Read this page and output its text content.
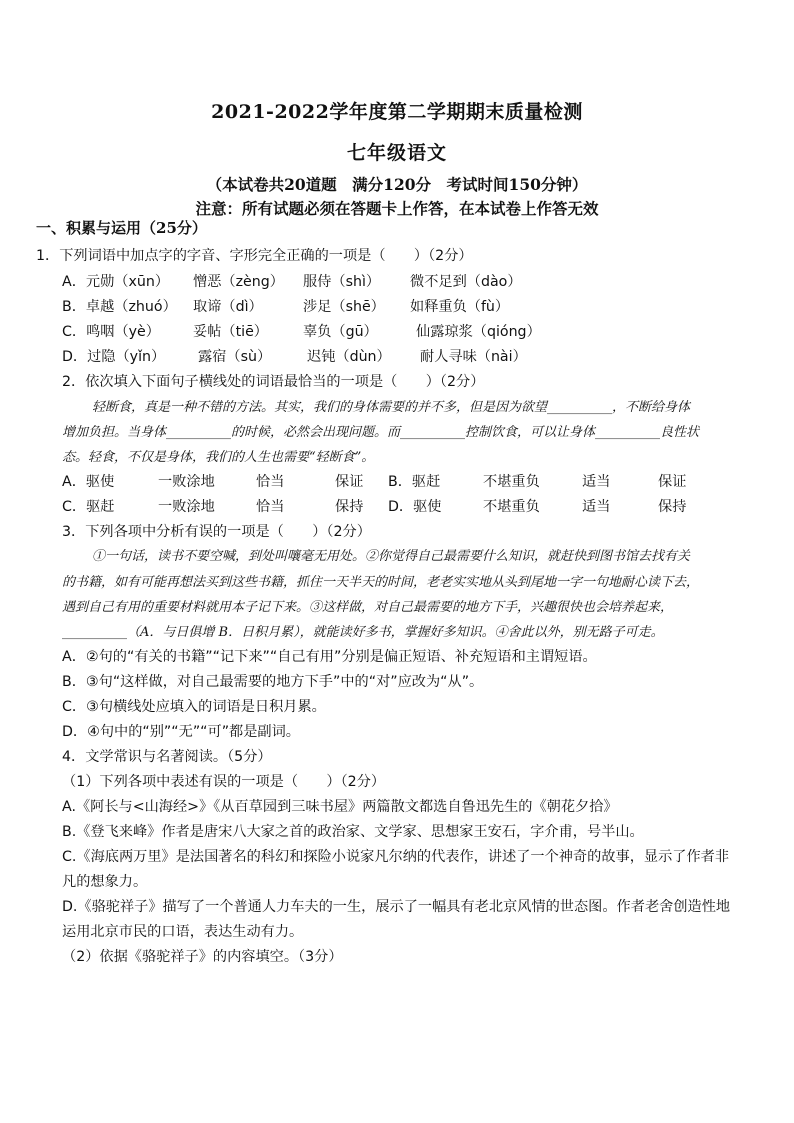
2021-2022学年度第二学期期末质量检测
七年级语文
（本试卷共20道题　满分120分　考试时间150分钟）
注意：所有试题必须在答题卡上作答，在本试卷上作答无效
一、积累与运用（25分）
1．下列词语中加点字的字音、字形完全正确的一项是（　　）（2分）
A．元勋（xūn） 憎恶（zèng） 服侍（shì） 微不足到（dào）
B．卓越（zhuó） 取谛（dì）	涉足（shē） 如释重负（fù）
C．鸣咽（yè） 妥帖（tiē） 辜负（gū）	仙露琼浆（qióng）
D．过隐（yǐn） 露宿（sù）	迟钝（dùn） 耐人寻味（nài）
2．依次填入下面句子横线处的词语最恰当的一项是（　　）（2分）
轻断食，真是一种不错的方法。其实，我们的身体需要的并不多，但是因为欲望__________，不断给身体
增加负担。当身体__________的时候，必然会出现问题。而__________控制饮食，可以让身体__________良性状
态。轻食，不仅是身体，我们的人生也需要“轻断食”。
A．驱使	一败涂地	恰当	保证 B．驱赶	不堪重负	适当	保证
C．驱赶	一败涂地	恰当	保持 D．驱使	不堪重负	适当	保持
3．下列各项中分析有误的一项是（　　）（2分）
①一句话，读书不要空喊，到处叫嚷毫无用处。②你觉得自己最需要什么知识，就赶快到图书馆去找有关
的书籍，如有可能再想法买到这些书籍，抓住一天半天的时间，老老实实地从头到尾地一字一句地耐心读下去，
遇到自己有用的重要材料就用本子记下来。③这样做，对自己最需要的地方下手，兴趣很快也会培养起来，
__________（A．与日俱增 B．日积月累），就能读好多书，掌握好多知识。④舍此以外，别无路子可走。
A．②句的“有关的书籍”“记下来”“自己有用”分别是偏正短语、补充短语和主谓短语。
B．③句“这样做，对自己最需要的地方下手”中的“对”应改为“从”。
C．③句横线处应填入的词语是日积月累。
D．④句中的“别”“无”“可”都是副词。
4．文学常识与名著阅读。（5分）
（1）下列各项中表述有误的一项是（　　）（2分）
A.《阿长与<山海经>》《从百草园到三味书屋》两篇散文都选自鲁迅先生的《朝花夕拾》
B.《登飞来峰》作者是唐宋八大家之首的政治家、文学家、思想家王安石，字介甫，号半山。
C.《海底两万里》是法国著名的科幻和探险小说家凡尔纳的代表作，讲述了一个神奇的故事，显示了作者非
凡的想象力。
D.《骆驼祥子》描写了一个普通人力车夫的一生，展示了一幅具有老北京风情的世态图。作者老舍创造性地
运用北京市民的口语，表达生动有力。
（2）依据《骆驼祥子》的内容填空。（3分）
